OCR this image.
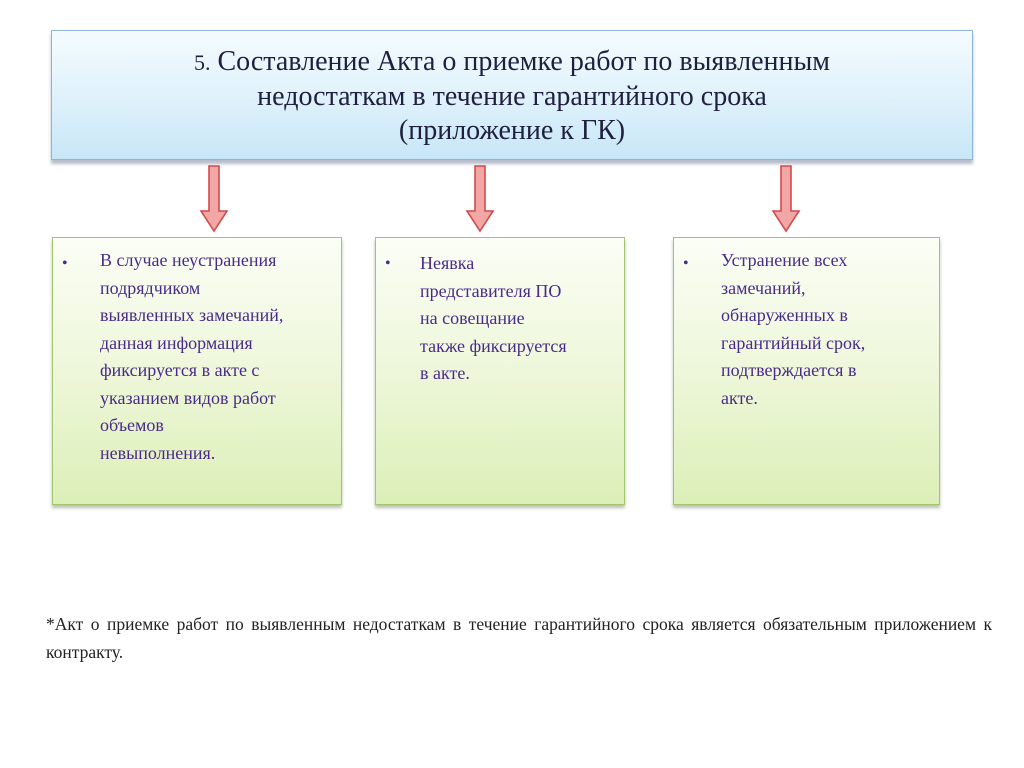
5. Составление Акта о приемке работ по выявленным
недостаткам в течение гарантийного срока
(приложение к ГК)
• В случае неустранения
подрядчиком
выявленных замечаний,
данная информация
фиксируется в акте с
указанием видов работ
объемов
невыполнения.

• Неявка
представителя ПО
на совещание
также фиксируется
в акте.

• Устранение всех
замечаний,
обнаруженных в
гарантийный срок,
подтверждается в
акте.

*Акт о приемке работ по выявленным недостаткам в течение гарантийного срока является обязательным приложением к контракту.
